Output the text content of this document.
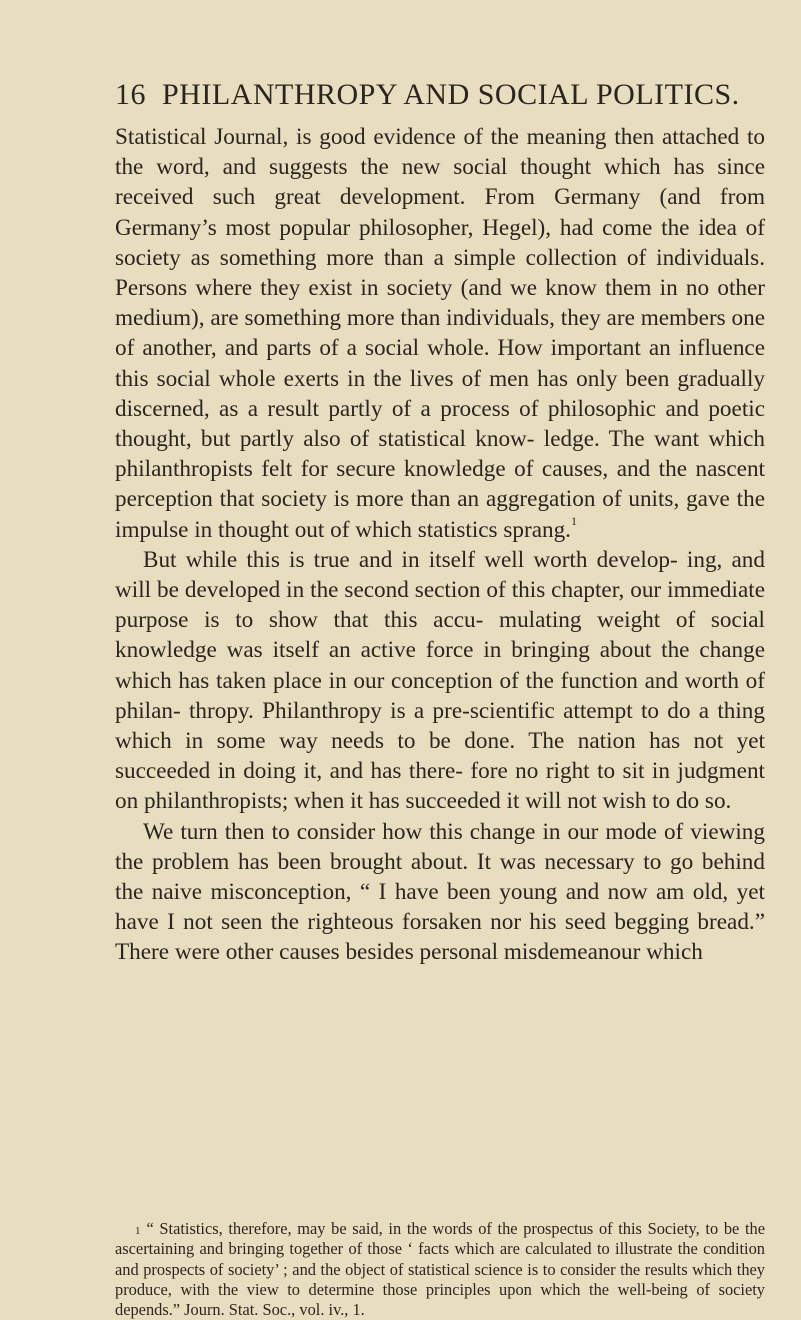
16 PHILANTHROPY AND SOCIAL POLITICS.

Statistical Journal, is good evidence of the meaning then attached to the word, and suggests the new social thought which has since received such great development. From Germany (and from Germany’s most popular philosopher, Hegel), had come the idea of society as something more than a simple collection of individuals. Persons where they exist in society (and we know them in no other medium), are something more than individuals, they are members one of another, and parts of a social whole. How important an influence this social whole exerts in the lives of men has only been gradually discerned, as a result partly of a process of philosophic and poetic thought, but partly also of statistical know- ledge. The want which philanthropists felt for secure knowledge of causes, and the nascent perception that society is more than an aggregation of units, gave the impulse in thought out of which statistics sprang.$^1$

But while this is true and in itself well worth develop- ing, and will be developed in the second section of this chapter, our immediate purpose is to show that this accu- mulating weight of social knowledge was itself an active force in bringing about the change which has taken place in our conception of the function and worth of philan- thropy. Philanthropy is a pre-scientific attempt to do a thing which in some way needs to be done. The nation has not yet succeeded in doing it, and has there- fore no right to sit in judgment on philanthropists; when it has succeeded it will not wish to do so.

We turn then to consider how this change in our mode of viewing the problem has been brought about. It was necessary to go behind the naive misconception, “ I have been young and now am old, yet have I not seen the righteous forsaken nor his seed begging bread.” There were other causes besides personal misdemeanour which

1 “ Statistics, therefore, may be said, in the words of the prospectus of this Society, to be the ascertaining and bringing together of those ‘ facts which are calculated to illustrate the condition and prospects of society’ ; and the object of statistical science is to consider the results which they produce, with the view to determine those principles upon which the well-being of society depends.” Journ. Stat. Soc., vol. iv., 1.
